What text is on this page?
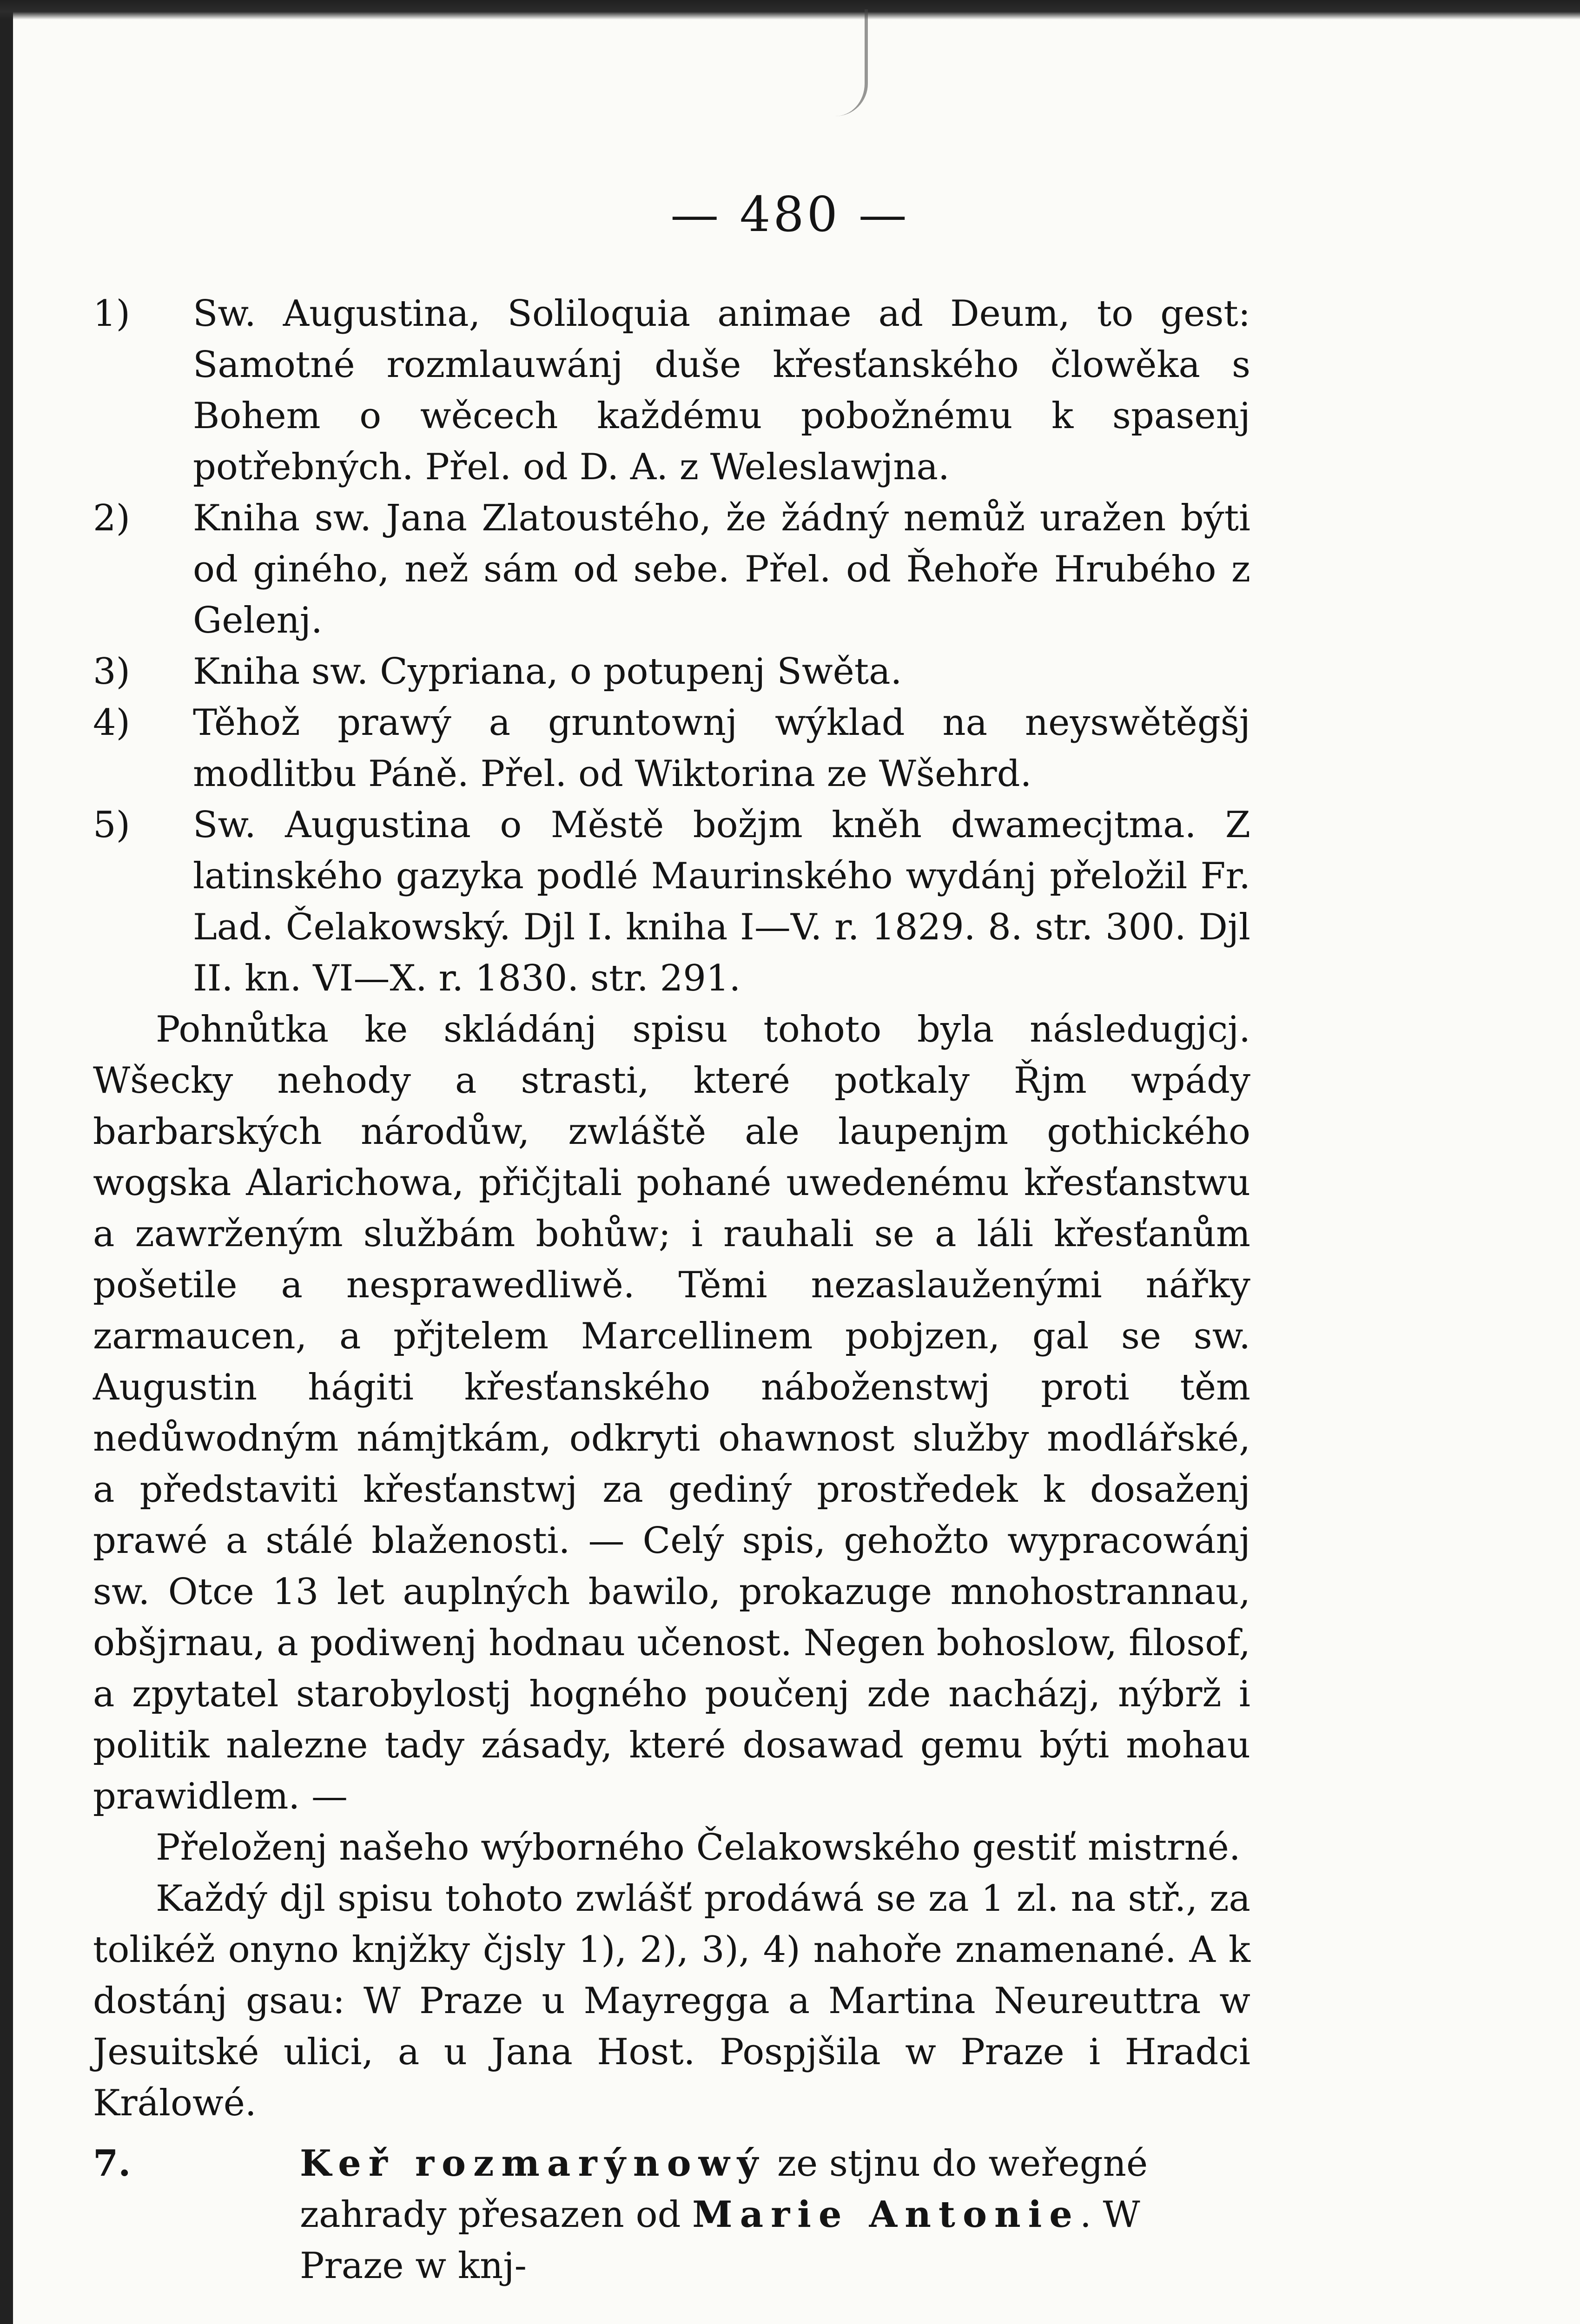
— 480 —
1) Sw. Augustina, Soliloquia animae ad Deum, to gest: Samotné rozmlauwánj duše křesťanského člowěka s Bohem o wěcech každému pobožnému k spasenj potřebných. Přel. od D. A. z Weleslawjna.
2) Kniha sw. Jana Zlatoustého, že žádný nemůž uražen býti od giného, než sám od sebe. Přel. od Řehoře Hrubého z Gelenj.
3) Kniha sw. Cypriana, o potupenj Swěta.
4) Těhož prawý a gruntownj wýklad na neyswětěgšj modlitbu Páně. Přel. od Wiktorina ze Wšehrd.
5) Sw. Augustina o Městě božjm kněh dwamecjtma. Z latinského gazyka podlé Maurinského wydánj přeložil Fr. Lad. Čelakowský. Djl I. kniha I—V. r. 1829. 8. str. 300. Djl II. kn. VI—X. r. 1830. str. 291.

Pohnůtka ke skládánj spisu tohoto byla následugjcj. Wšecky nehody a strasti, které potkaly Řjm wpády barbarských národůw, zwláště ale laupenjm gothického wogska Alarichowa, přičjtali pohané uwedenému křesťanstwu a zawrženým službám bohůw; i rauhali se a láli křesťanům pošetile a nesprawedliwě. Těmi nezaslauženými nářky zarmaucen, a přjtelem Marcellinem pobjzen, gal se sw. Augustin hágiti křesťanského náboženstwj proti těm nedůwodným námjtkám, odkryti ohawnost služby modlářské, a představiti křesťanstwj za gediný prostředek k dosaženj prawé a stálé blaženosti. — Celý spis, gehožto wypracowánj sw. Otce 13 let auplných bawilo, prokazuge mnohostrannau, obšjrnau, a podiwenj hodnau učenost. Negen bohoslow, filosof, a zpytatel starobylostj hogného poučenj zde nacházj, nýbrž i politik nalezne tady zásady, které dosawad gemu býti mohau prawidlem. —

Přeloženj našeho wýborného Čelakowského gestiť mistrné.

Každý djl spisu tohoto zwlášť prodáwá se za 1 zl. na stř., za tolikéž onyno knjžky čjsly 1), 2), 3), 4) nahoře znamenané. A k dostánj gsau: W Praze u Mayregga a Martina Neureuttra w Jesuitské ulici, a u Jana Host. Pospjšila w Praze i Hradci Králowé.

7.	Keř rozmarýnowý ze stjnu do weřegné zahrady přesazen od Marie Antonie. W Praze w knj-
